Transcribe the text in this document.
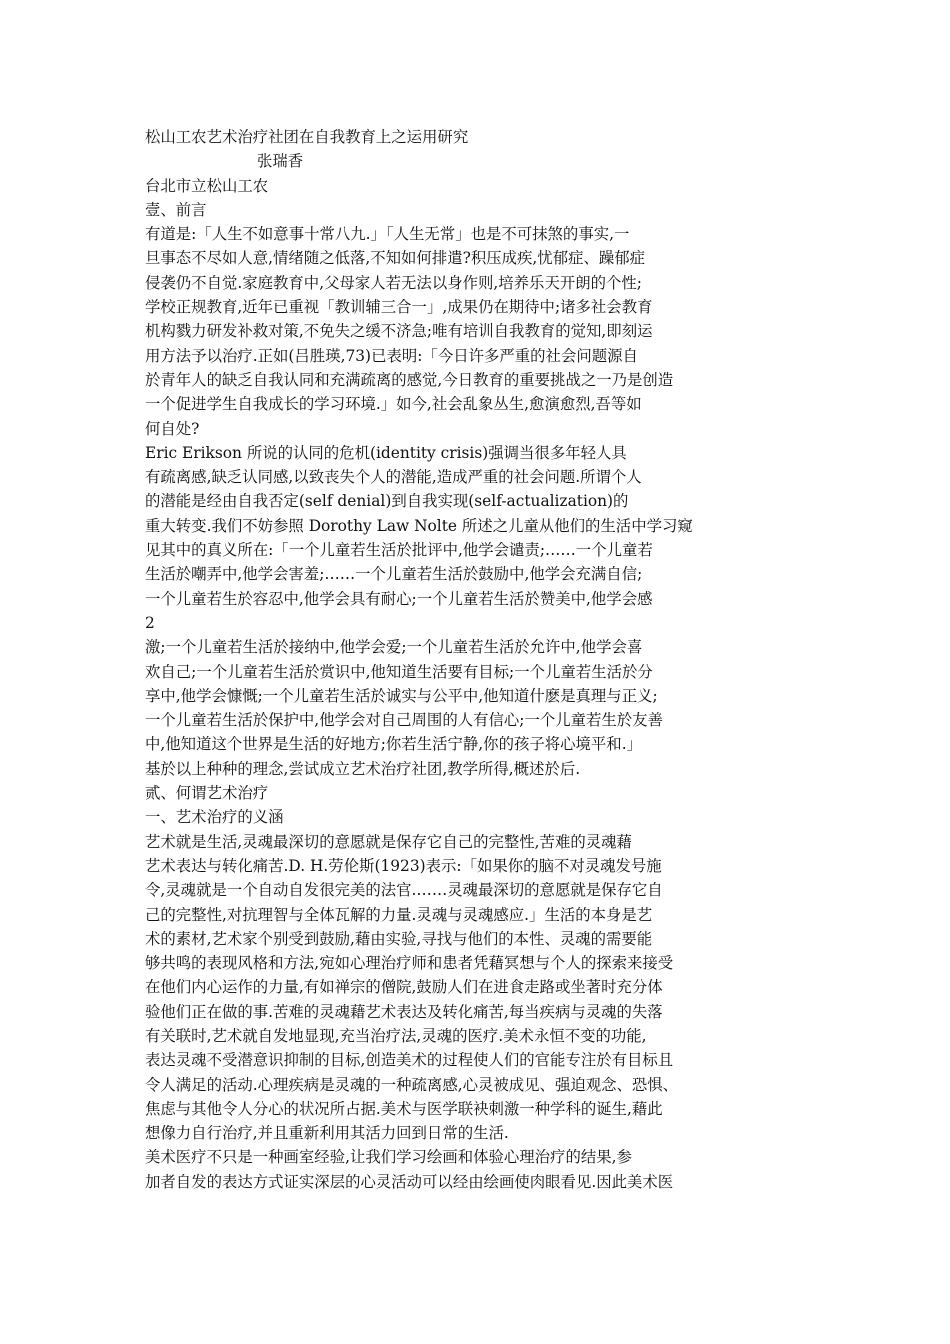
松山工农艺术治疗社团在自我教育上之运用研究
张瑞香
台北市立松山工农
壹、前言
有道是:「人生不如意事十常八九.」「人生无常」也是不可抹煞的事实,一
旦事态不尽如人意,情绪随之低落,不知如何排遣?积压成疾,忧郁症、躁郁症
侵袭仍不自觉.家庭教育中,父母家人若无法以身作则,培养乐天开朗的个性;
学校正规教育,近年已重视「教训辅三合一」,成果仍在期待中;诸多社会教育
机构戮力研发补救对策,不免失之缓不济急;唯有培训自我教育的觉知,即刻运
用方法予以治疗.正如(吕胜瑛,73)已表明:「今日许多严重的社会问题源自
於青年人的缺乏自我认同和充满疏离的感觉,今日教育的重要挑战之一乃是创造
一个促进学生自我成长的学习环境.」如今,社会乱象丛生,愈演愈烈,吾等如
何自处?
Eric Erikson 所说的认同的危机(identity crisis)强调当很多年轻人具
有疏离感,缺乏认同感,以致丧失个人的潜能,造成严重的社会问题.所谓个人
的潜能是经由自我否定(self denial)到自我实现(self-actualization)的
重大转变.我们不妨参照 Dorothy Law Nolte 所述之儿童从他们的生活中学习窥
见其中的真义所在:「一个儿童若生活於批评中,他学会谴责;……一个儿童若
生活於嘲弄中,他学会害羞;……一个儿童若生活於鼓励中,他学会充满自信;
一个儿童若生於容忍中,他学会具有耐心;一个儿童若生活於赞美中,他学会感
2
激;一个儿童若生活於接纳中,他学会爱;一个儿童若生活於允许中,他学会喜
欢自己;一个儿童若生活於赏识中,他知道生活要有目标;一个儿童若生活於分
享中,他学会慷慨;一个儿童若生活於诚实与公平中,他知道什麽是真理与正义;
一个儿童若生活於保护中,他学会对自己周围的人有信心;一个儿童若生於友善
中,他知道这个世界是生活的好地方;你若生活宁静,你的孩子将心境平和.」
基於以上种种的理念,尝试成立艺术治疗社团,教学所得,概述於后.
贰、何谓艺术治疗
一、艺术治疗的义涵
艺术就是生活,灵魂最深切的意愿就是保存它自己的完整性,苦难的灵魂藉
艺术表达与转化痛苦.D. H.劳伦斯(1923)表示:「如果你的脑不对灵魂发号施
令,灵魂就是一个自动自发很完美的法官.……灵魂最深切的意愿就是保存它自
己的完整性,对抗理智与全体瓦解的力量.灵魂与灵魂感应.」生活的本身是艺
术的素材,艺术家个别受到鼓励,藉由实验,寻找与他们的本性、灵魂的需要能
够共鸣的表现风格和方法,宛如心理治疗师和患者凭藉冥想与个人的探索来接受
在他们内心运作的力量,有如禅宗的僧院,鼓励人们在进食走路或坐著时充分体
验他们正在做的事.苦难的灵魂藉艺术表达及转化痛苦,每当疾病与灵魂的失落
有关联时,艺术就自发地显现,充当治疗法,灵魂的医疗.美术永恒不变的功能,
表达灵魂不受潜意识抑制的目标,创造美术的过程使人们的官能专注於有目标且
令人满足的活动.心理疾病是灵魂的一种疏离感,心灵被成见、强迫观念、恐惧、
焦虑与其他令人分心的状况所占据.美术与医学联袂刺激一种学科的诞生,藉此
想像力自行治疗,并且重新利用其活力回到日常的生活.
美术医疗不只是一种画室经验,让我们学习绘画和体验心理治疗的结果,参
加者自发的表达方式证实深层的心灵活动可以经由绘画使肉眼看见.因此美术医
